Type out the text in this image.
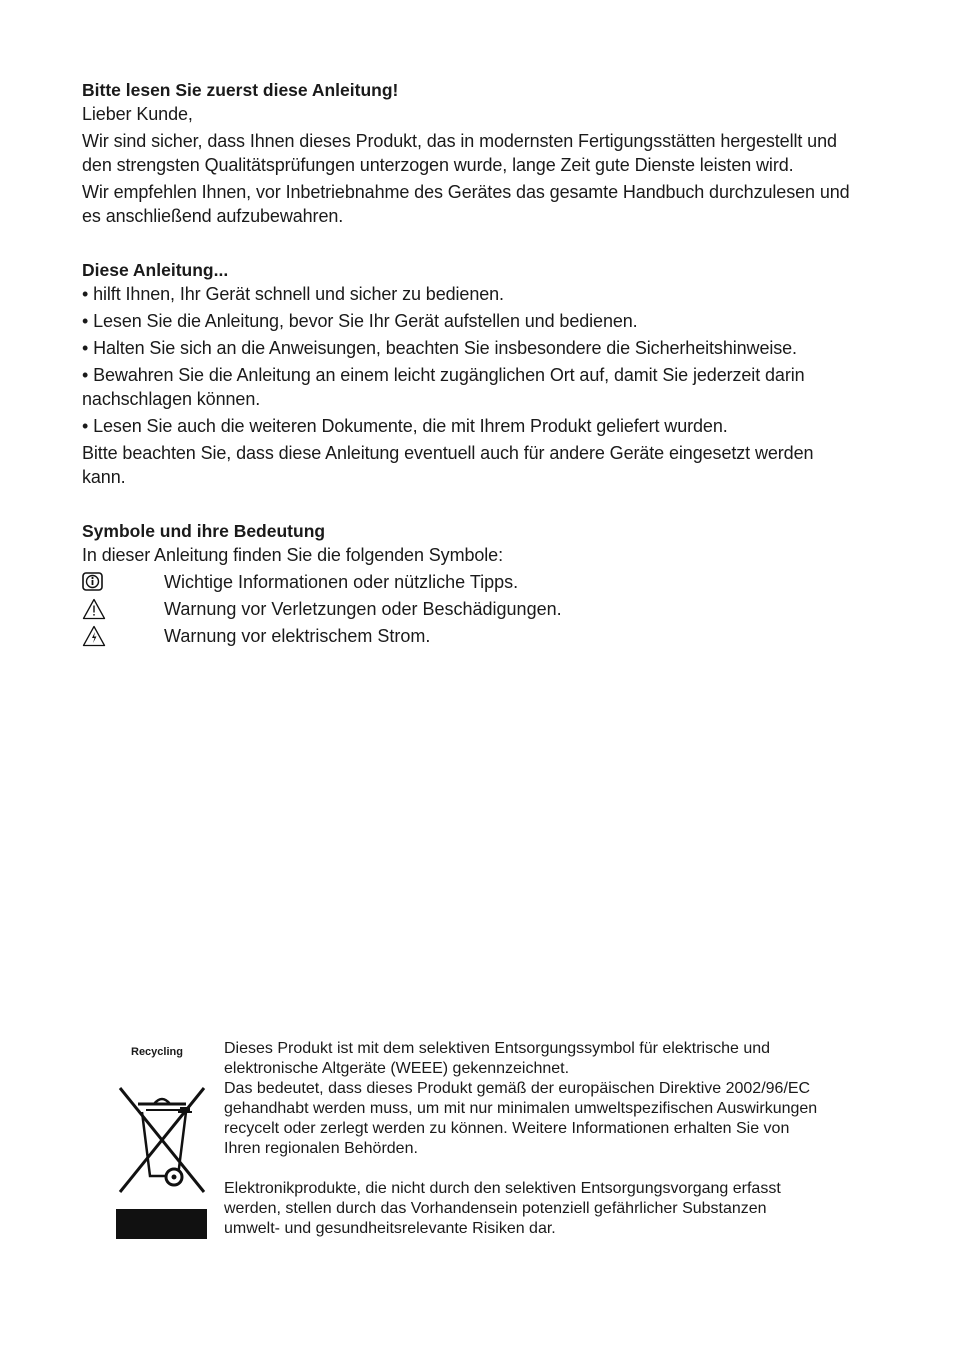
Bitte lesen Sie zuerst diese Anleitung!

Lieber Kunde,

Wir sind sicher, dass Ihnen dieses Produkt, das in modernsten Fertigungsstätten hergestellt und den strengsten Qualitätsprüfungen unterzogen wurde, lange Zeit gute Dienste leisten wird.

Wir empfehlen Ihnen, vor Inbetriebnahme des Gerätes das gesamte Handbuch durchzulesen und es anschließend aufzubewahren.

Diese Anleitung...

• hilft Ihnen, Ihr Gerät schnell und sicher zu bedienen.

• Lesen Sie die Anleitung, bevor Sie Ihr Gerät aufstellen und bedienen.

• Halten Sie sich an die Anweisungen, beachten Sie insbesondere die Sicherheitshinweise.

• Bewahren Sie die Anleitung an einem leicht zugänglichen Ort auf, damit Sie jederzeit darin nachschlagen können.

• Lesen Sie auch die weiteren Dokumente, die mit Ihrem Produkt geliefert wurden.

Bitte beachten Sie, dass diese Anleitung eventuell auch für andere Geräte eingesetzt werden kann.

Symbole und ihre Bedeutung

In dieser Anleitung finden Sie die folgenden Symbole:

Wichtige Informationen oder nützliche Tipps.
Warnung vor Verletzungen oder Beschädigungen.
Warnung vor elektrischem Strom.
Recycling	Dieses Produkt ist mit dem selektiven Entsorgungssymbol für elektrische und elektronische Altgeräte (WEEE) gekennzeichnet.

Das bedeutet, dass dieses Produkt gemäß der europäischen Direktive 2002/96/EC gehandhabt werden muss, um mit nur minimalen umweltspezifischen Auswirkungen recycelt oder zerlegt werden zu können. Weitere Informationen erhalten Sie von Ihren regionalen Behörden.

Elektronikprodukte, die nicht durch den selektiven Entsorgungsvorgang erfasst werden, stellen durch das Vorhandensein potenziell gefährlicher Substanzen umwelt- und gesundheitsrelevante Risiken dar.
